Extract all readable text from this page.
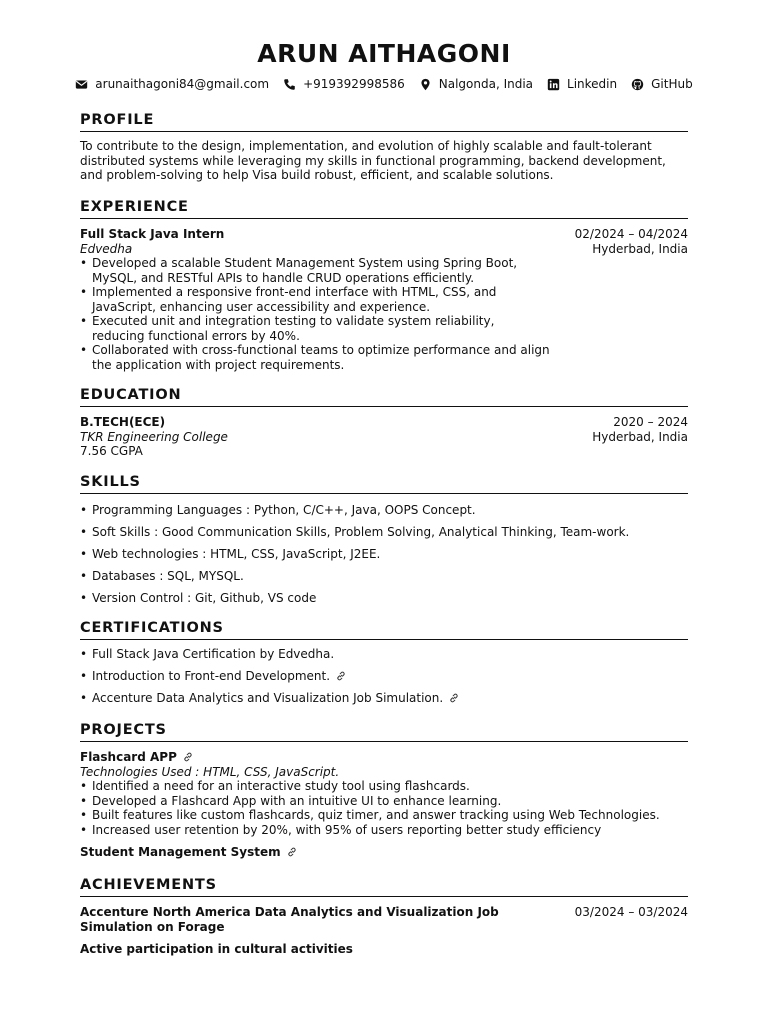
ARUN AITHAGONI
arunaithagoni84@gmail.com	+919392998586	Nalgonda, India	Linkedin	GitHub
PROFILE
To contribute to the design, implementation, and evolution of highly scalable and fault-tolerant distributed systems while leveraging my skills in functional programming, backend development, and problem-solving to help Visa build robust, efficient, and scalable solutions.
EXPERIENCE
Full Stack Java Intern	02/2024 – 04/2024
Edvedha	Hyderbad, India
• Developed a scalable Student Management System using Spring Boot, MySQL, and RESTful APIs to handle CRUD operations efficiently.
• Implemented a responsive front-end interface with HTML, CSS, and JavaScript, enhancing user accessibility and experience.
• Executed unit and integration testing to validate system reliability, reducing functional errors by 40%.
• Collaborated with cross-functional teams to optimize performance and align the application with project requirements.
EDUCATION
B.TECH(ECE)	2020 – 2024
TKR Engineering College	Hyderbad, India
7.56 CGPA
SKILLS
• Programming Languages : Python, C/C++, Java, OOPS Concept.
• Soft Skills : Good Communication Skills, Problem Solving, Analytical Thinking, Team-work.
• Web technologies : HTML, CSS, JavaScript, J2EE.
• Databases : SQL, MYSQL.
• Version Control : Git, Github, VS code
CERTIFICATIONS
• Full Stack Java Certification by Edvedha.
• Introduction to Front-end Development.
• Accenture Data Analytics and Visualization Job Simulation.
PROJECTS
Flashcard APP
Technologies Used : HTML, CSS, JavaScript.
• Identified a need for an interactive study tool using flashcards.
• Developed a Flashcard App with an intuitive UI to enhance learning.
• Built features like custom flashcards, quiz timer, and answer tracking using Web Technologies.
• Increased user retention by 20%, with 95% of users reporting better study efficiency
Student Management System
ACHIEVEMENTS
Accenture North America Data Analytics and Visualization Job Simulation on Forage
03/2024 – 03/2024
Active participation in cultural activities
